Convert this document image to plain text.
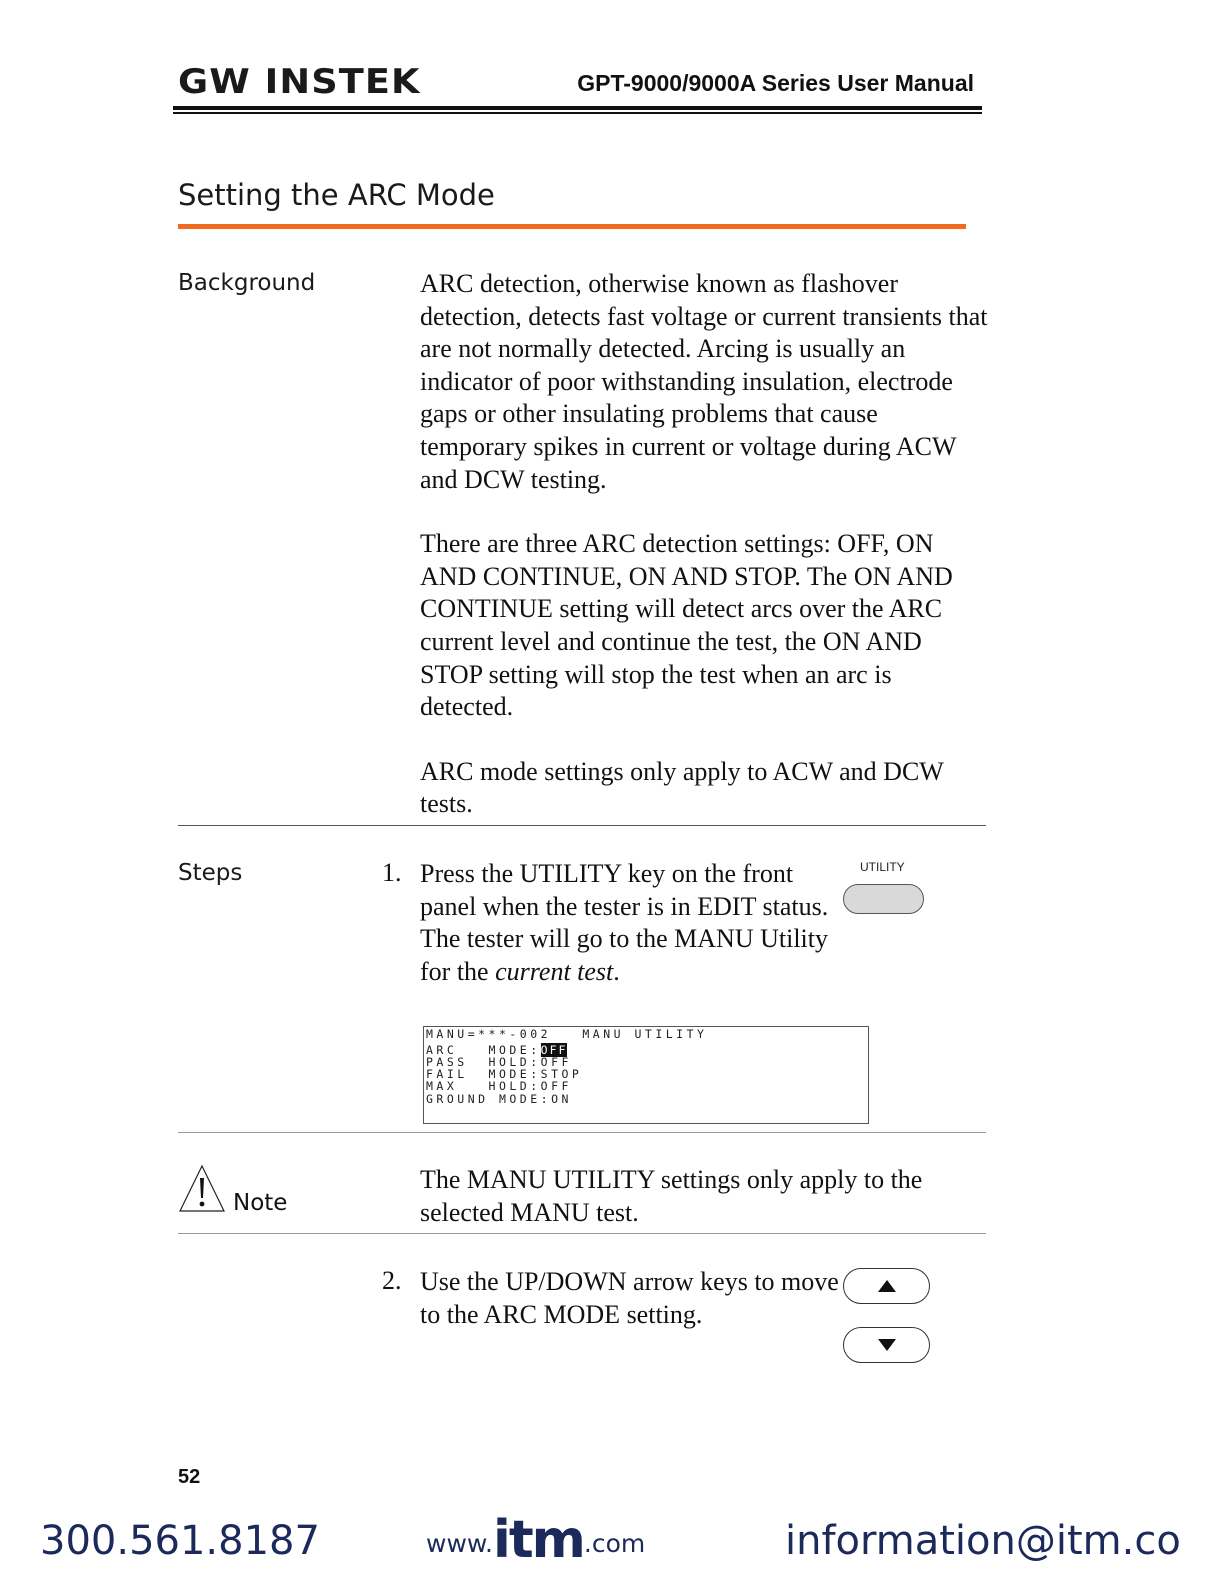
GW INSTEK	GPT-9000/9000A Series User Manual
Setting the ARC Mode
Background	ARC detection, otherwise known as flashover detection, detects fast voltage or current transients that are not normally detected. Arcing is usually an indicator of poor withstanding insulation, electrode gaps or other insulating problems that cause temporary spikes in current or voltage during ACW and DCW testing.

There are three ARC detection settings: OFF, ON AND CONTINUE, ON AND STOP. The ON AND CONTINUE setting will detect arcs over the ARC current level and continue the test, the ON AND STOP setting will stop the test when an arc is detected.

ARC mode settings only apply to ACW and DCW tests.

Steps	1. Press the UTILITY key on the front panel when the tester is in EDIT status. The tester will go to the MANU Utility for the current test.
UTILITY
MANU=***-002   MANU UTILITY
ARC   MODE:OFF
PASS  HOLD:OFF
FAIL  MODE:STOP
MAX   HOLD:OFF
GROUND MODE:ON
Note
The MANU UTILITY settings only apply to the selected MANU test.
2. Use the UP/DOWN arrow keys to move to the ARC MODE setting.
52
300.561.8187	www. itm .com	information@itm.co
